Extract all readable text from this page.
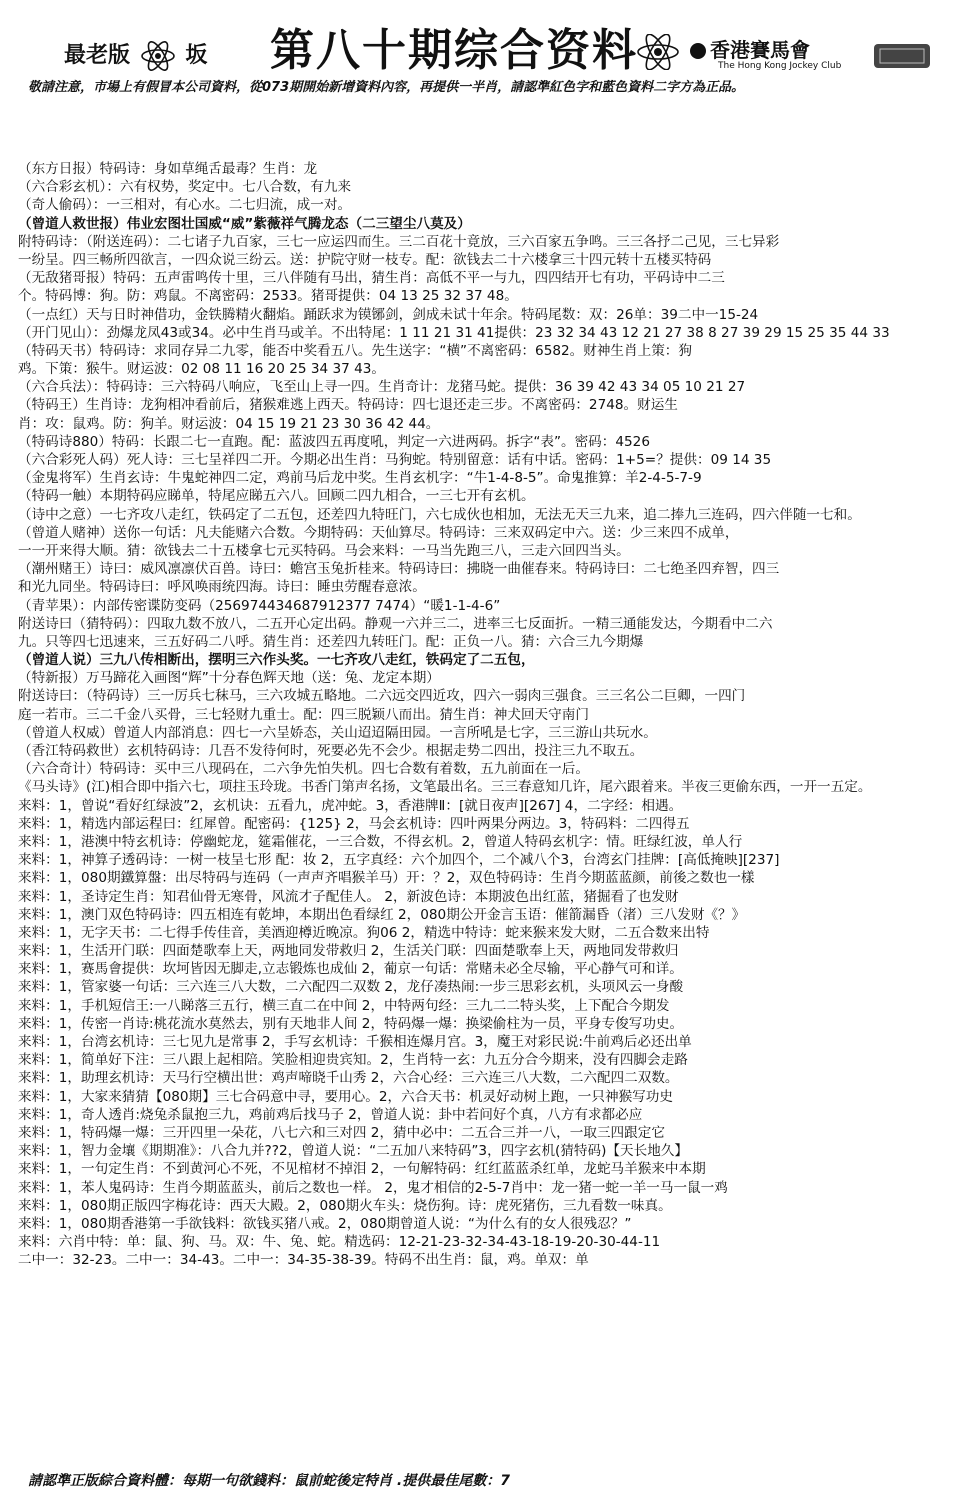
最老版	坂 第八十期综合资料	香港賽馬會
The Hong Kong Jockey Club
敬請注意，市場上有假冒本公司資料，從073期開始新增資料內容，再提供一半肖，請認準紅色字和藍色資料二字方為正品。
（东方日报）特码诗：身如草绳舌最毒？生肖：龙
（六合彩玄机）：六有权势，奖定中。七八合数，有九来
（奇人偷码）：一三相对，有心水。二七归流，成一对。
（曾道人救世报）伟业宏图壮国威“威”紫薇祥气腾龙态（二三望尘八莫及）
附特码诗：（附送连码）：二七诸子九百家，三七一应运四而生。三二百花十竟放，三六百家五争鸣。三三各抒二己见，三七异彩
一纷呈。四三畅所四欲言，一四众说三纷云。送：护院守财一枝专。配：欲钱去二十六楼拿三十四元转十五楼买特码
（无敌猪哥报）特码：五声雷鸣传十里，三八伴随有马出，猜生肖：高低不平一与九，四四结开七有功，平码诗中二三
个。特码博：狗。防：鸡鼠。不离密码：2533。猪哥提供：04 13 25 32 37 48。
（一点红）天与日时神借功，金铁腾精火翻焰。踊跃求为镆铘剑，剑成未试十年余。特码尾数：双：26单：39二中一15-24
（开门见山）：劲爆龙凤43或34。必中生肖马或羊。不出特尾：1 11 21 31 41提供：23 32 34 43 12 21 27 38 8 27 39 29 15 25 35 44 33
（特码天书）特码诗：求同存异二九零，能否中奖看五八。先生送字：“横”不离密码：6582。财神生肖上策：狗
鸡。下策：猴牛。财运波：02 08 11 16 20 25 34 37 43。
（六合兵法）：特码诗：三六特码八响应，飞至山上寻一四。生肖奇计：龙猪马蛇。提供：36 39 42 43 34 05 10 21 27
（特码王）生肖诗：龙狗相冲看前后，猪猴难逃上西天。特码诗：四七退还走三步。不离密码：2748。财运生
肖：攻：鼠鸡。防：狗羊。财运波：04 15 19 21 23 30 36 42 44。
（特码诗880）特码：长跟二七一直跑。配：蓝波四五再度吼，判定一六进两码。拆字“表”。密码：4526
（六合彩死人码）死人诗：三七呈祥四二开。今期必出生肖：马狗蛇。特别留意：话有中话。密码：1+5=？提供：09 14 35
（金鬼将军）生肖玄诗：牛鬼蛇神四二定，鸡前马后龙中奖。生肖玄机字：“牛1-4-8-5”。命鬼推算：羊2-4-5-7-9
（特码一触）本期特码应睇单，特尾应睇五六八。回顾二四九相合，一三七开有玄机。
（诗中之意）一七齐攻八走红，铁码定了二五包，还差四九特旺门，六七成伙也相加，无法无天三九来，追二捧九三连码，四六伴随一七和。
（曾道人赌神）送你一句话：凡夫能赌六合数。今期特码：天仙算尽。特码诗：三来双码定中六。送：少三来四不成单，
一一开来得大顺。猜：欲钱去二十五楼拿七元买特码。马会来料：一马当先跑三八，三走六回四当头。
（潮州赌王）诗曰：威风凛凛伏百兽。诗曰：蟾宫玉兔折桂来。特码诗曰：拂晓一曲催春来。特码诗曰：二七绝圣四弃智，四三
和光九同坐。特码诗曰：呼风唤雨统四海。诗曰：睡虫劳醒春意浓。
（青苹果）：内部传密谍防变码（256974434687912377 7474）“暖1-1-4-6”
附送诗曰（猜特码）：四取九数不放八，二五开心定出码。静观一六并三二，进率三七反面折。一精三通能发达，今期看中二六
九。只等四七迅速来，三五好码二八呼。猜生肖：还差四九转旺门。配：正负一八。猜：六合三九今期爆
（曾道人说）三九八传相断出，摆明三六作头奖。一七齐攻八走红，铁码定了二五包，
（特新报）万马蹄花入画图“辉”十分春色辉天地（送：兔、龙定本期）
附送诗曰：（特码诗）三一厉兵七秣马，三六攻城五略地。二六远交四近攻，四六一弱肉三强食。三三名公二巨卿，一四门
庭一若市。三二千金八买骨，三七轻财九重士。配：四三脱颖八而出。猜生肖：神犬回天守南门
（曾道人权威）曾道人内部消息：四七一六呈娇态，关山迢迢隔田园。一言所吼是七字，三三游山共玩水。
（香江特码救世）玄机特码诗：几吾不发待何时，死要必先不会少。根据走势二四出，投注三九不取五。
（六合奇计）特码诗：买中三八现码在，二六争先怕失机。四七合数有着数，五九前面在一后。
《马头诗》(江)相合即中指六七，项拄玉玲珑。书香门第声名扬，文笔最出名。三三春意知几许，尾六跟着来。半夜三更偷东西，一开一五定。
来料：1，曾说“看好红绿波”2，玄机诀：五看九，虎冲蛇。3，香港牌Ⅱ：[就日夜声][267] 4，二字经：相遇。
来料：1，精选内部运程曰：红犀曾。配密码：{125} 2，马会玄机诗：四叶两果分两边。3，特码料：二四得五
来料：1，港澳中特玄机诗：停幽蛇龙，筵霜催花，一三合数，不得玄机。2，曾道人特码玄机字：情。旺绿红波，单人行
来料：1，神算子透码诗：一树一枝呈七形 配：妆 2，五字真经：六个加四个，二个减八个3，台湾玄门挂牌：[高低掩映][237]
来料：1，080期鐵算盤：出尽特码与连码（一声声齐唱猴羊马）开：？2，双色特码诗：生肖今期蓝蓝颜，前後之数也一樣
来料：1，圣诗定生肖：知君仙骨无寒骨，风流才子配佳人。 2，新波色诗：本期波色出红蓝，猪掘看了也发财
来料：1，澳门双色特码诗：四五相连有乾坤，本期出色看绿红 2，080期公开金言玉语：催箭漏昏（渚）三八发财《？》
来料：1，无字天书：二七得手传佳音，美酒迎樽近晚凉。狗06 2，精选中特诗：蛇来猴来发大财，二五合数来出特
来料：1，生活开门联：四面楚歌奉上天，两地同发带救归 2，生活关门联：四面楚歌奉上天，两地同发带救归
来料：1，赛馬會提供：坎坷皆因无脚走,立志锻炼也成仙 2，葡京一句话：常赌未必全尽输，平心静气可和详。
来料：1，管家婆一句话：三六连三八大数，二六配四二双数 2，龙仔凑热闹:一步三思彩玄机，头项风云一身酸
来料：1，手机短信王:一八睇落三五行，横三直二在中间 2，中特两句经：三九二二特头奖，上下配合今期发
来料：1，传密一肖诗:桃花流水莫然去，别有天地非人间 2，特码爆一爆：换梁偷柱为一员，平身专俊写功史。
来料：1，台湾玄机诗：三七见九是常事 2，手写玄机诗：千猴相连爆月宫。3，魔王对彩民说:牛前鸡后必还出单
来料：1，简单好下注：三八跟上起相陪。笑脸相迎贵宾知。2，生肖特一玄：九五分合今期来，没有四脚会走路
来料：1，助理玄机诗：天马行空横出世：鸡声啼晓千山秀 2，六合心经：三六连三八大数，二六配四二双数。
来料：1，大家来猜猜【080期】三七合码意中寻，要用心。2，六合天书：机灵好动树上跑，一只神猴写功史
来料：1，奇人透肖:烧兔杀鼠抱三九，鸡前鸡后找马子 2，曾道人说：卦中若问好个真，八方有求都必应
来料：1，特码爆一爆：三开四里一朵花，八七六和三对四 2，猜中必中：二五合三并一八，一取三四跟定它
来料：1，智力金壤《期期准》：八合九并??2，曾道人说：“二五加八来特码”3，四字玄机(猜特码)【天长地久】
来料：1，一句定生肖：不到黄河心不死，不见棺材不掉泪 2，一句解特码：红红蓝蓝杀红单，龙蛇马羊猴来中本期
来料：1，苯人鬼码诗：生肖今期蓝蓝头，前后之数也一样。 2，鬼才相信的2-5-7肖中：龙一猪一蛇一羊一马一鼠一鸡
来料：1，080期正版四字梅花诗：西天大殿。2，080期火车头：烧伤狗。诗：虎死猪伤，三九看数一味真。
来料：1，080期香港第一手欲钱料：欲钱买猪八戒。2，080期曾道人说：“为什么有的女人很残忍？”
来料：六肖中特：单：鼠、狗、马。双：牛、兔、蛇。精选码：12-21-23-32-34-43-18-19-20-30-44-11
二中一：32-23。二中一：34-43。二中一：34-35-38-39。特码不出生肖：鼠，鸡。单双：单
請認準正版綜合資料體：每期一句欲錢料：鼠前蛇後定特肖 .提供最佳尾數：7
